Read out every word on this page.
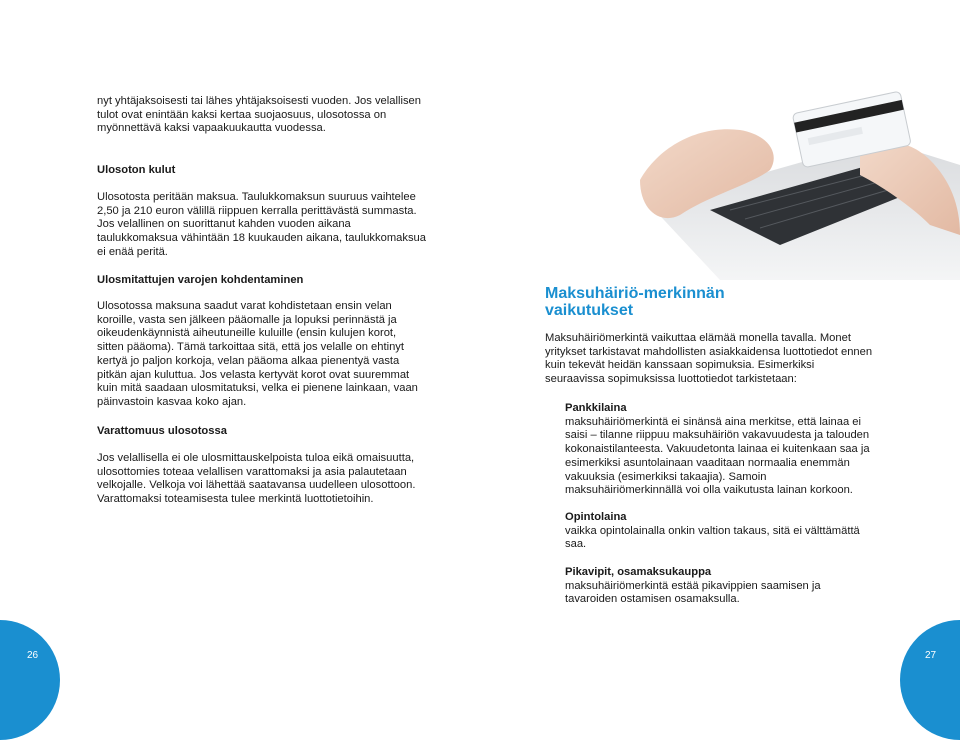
nyt yhtäjaksoisesti tai lähes yhtäjaksoisesti vuoden. Jos velallisen tulot ovat enintään kaksi kertaa suojaosuus, ulosotossa on myönnettävä kaksi vapaakuukautta vuodessa.

Ulosoton kulut

Ulosotosta peritään maksua. Taulukkomaksun suuruus vaihtelee 2,50 ja 210 euron välillä riippuen kerralla perittävästä summasta. Jos velallinen on suorittanut kahden vuoden aikana taulukkomaksua vähintään 18 kuukauden aikana, taulukkomaksua ei enää peritä.

Ulosmitattujen varojen kohdentaminen

Ulosotossa maksuna saadut varat kohdistetaan ensin velan koroille, vasta sen jälkeen pääomalle ja lopuksi perinnästä ja oikeudenkäynnistä aiheutuneille kuluille (ensin kulujen korot, sitten pääoma). Tämä tarkoittaa sitä, että jos velalle on ehtinyt kertyä jo paljon korkoja, velan pääoma alkaa pienentyä vasta pitkän ajan kuluttua. Jos velasta kertyvät korot ovat suuremmat kuin mitä saadaan ulosmitatuksi, velka ei pienene lainkaan, vaan päinvastoin kasvaa koko ajan.

Varattomuus ulosotossa

Jos velallisella ei ole ulosmittauskelpoista tuloa eikä omaisuutta, ulosottomies toteaa velallisen varattomaksi ja asia palautetaan velkojalle. Velkoja voi lähettää saatavansa uudelleen ulosottoon. Varattomaksi toteamisesta tulee merkintä luottotietoihin.

Maksuhäiriö-merkinnän vaikutukset

Maksuhäiriömerkintä vaikuttaa elämää monella tavalla. Monet yritykset tarkistavat mahdollisten asiakkaidensa luottotiedot ennen kuin tekevät heidän kanssaan sopimuksia. Esimerkiksi seuraavissa sopimuksissa luottotiedot tarkistetaan:

Pankkilaina

maksuhäiriömerkintä ei sinänsä aina merkitse, että lainaa ei saisi – tilanne riippuu maksuhäiriön vakavuudesta ja talouden kokonaistilanteesta. Vakuudetonta lainaa ei kuitenkaan saa ja esimerkiksi asuntolainaan vaaditaan normaalia enemmän vakuuksia (esimerkiksi takaajia). Samoin maksuhäiriömerkinnällä voi olla vaikutusta lainan korkoon.

Opintolaina

vaikka opintolainalla onkin valtion takaus, sitä ei välttämättä saa.

Pikavipit, osamaksukauppa

maksuhäiriömerkintä estää pikavippien saamisen ja tavaroiden ostamisen osamaksulla.

26	27
